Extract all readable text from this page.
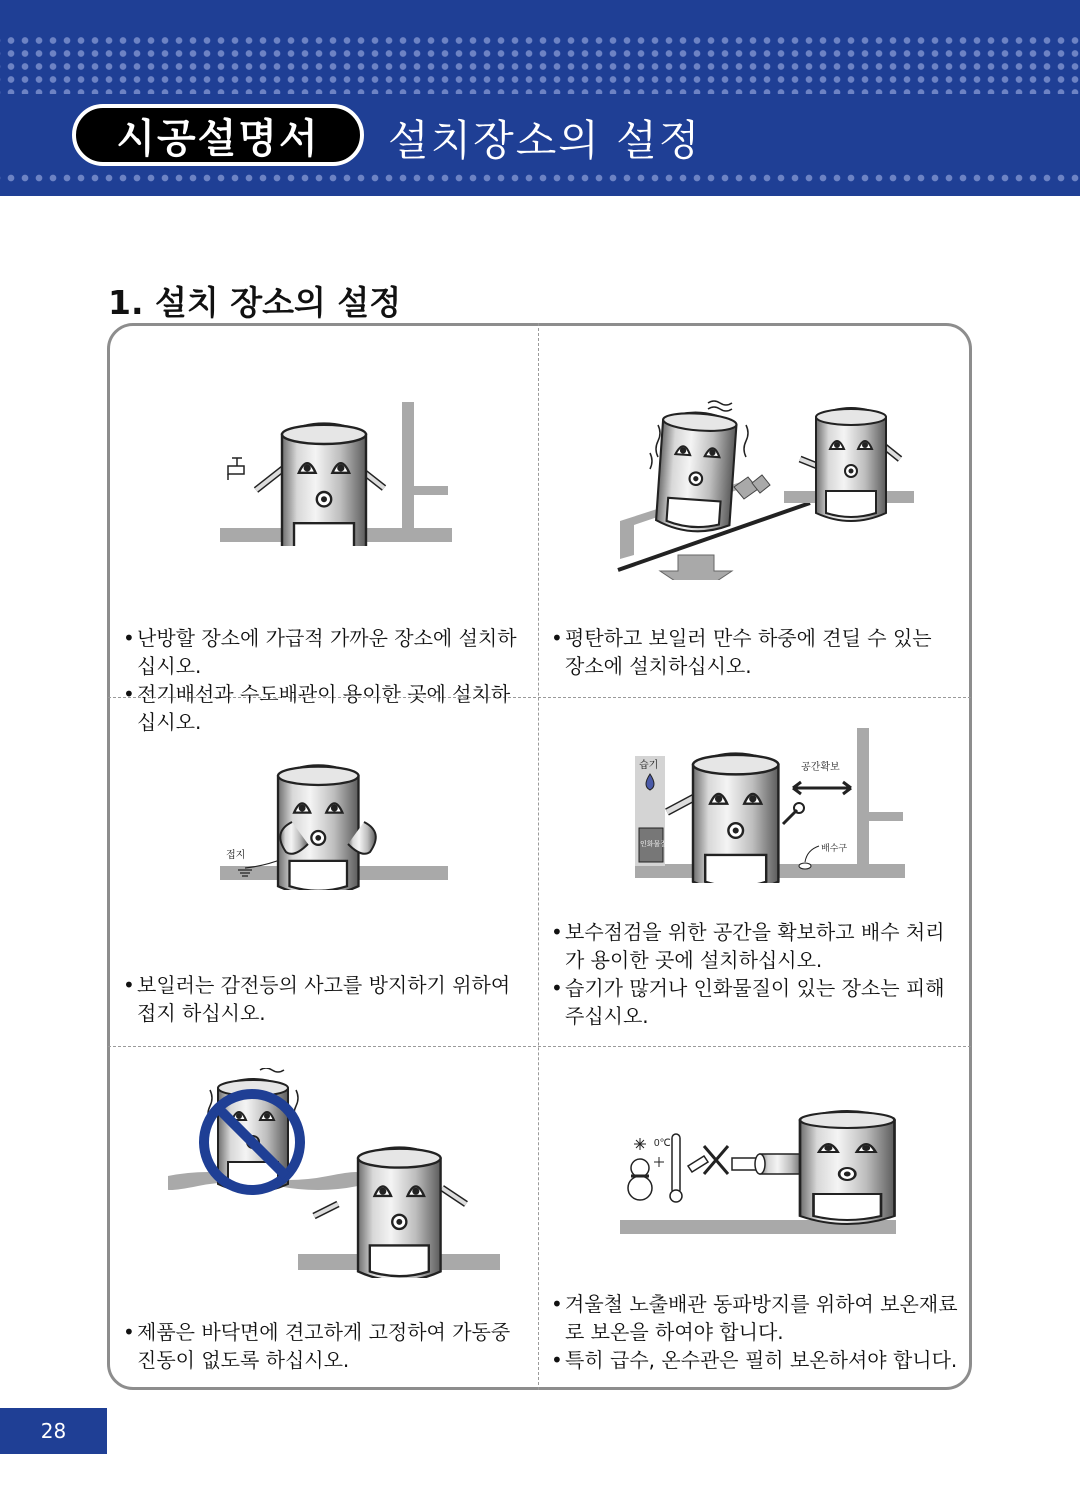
시공설명서	설치장소의 설정
1. 설치 장소의 설정
• 난방할 장소에 가급적 가까운 장소에 설치하십시오.
• 전기배선과 수도배관이 용이한 곳에 설치하십시오.
• 평탄하고 보일러 만수 하중에 견딜 수 있는 장소에 설치하십시오.
접지
• 보일러는 감전등의 사고를 방지하기 위하여 접지 하십시오.
습기
인화물질
공간확보
배수구
• 보수점검을 위한 공간을 확보하고 배수 처리가 용이한 곳에 설치하십시오.
• 습기가 많거나 인화물질이 있는 장소는 피해 주십시오.
• 제품은 바닥면에 견고하게 고정하여 가동중 진동이 없도록 하십시오.
0℃
• 겨울철 노출배관 동파방지를 위하여 보온재료로 보온을 하여야 합니다.
• 특히 급수, 온수관은 필히 보온하셔야 합니다.
28
